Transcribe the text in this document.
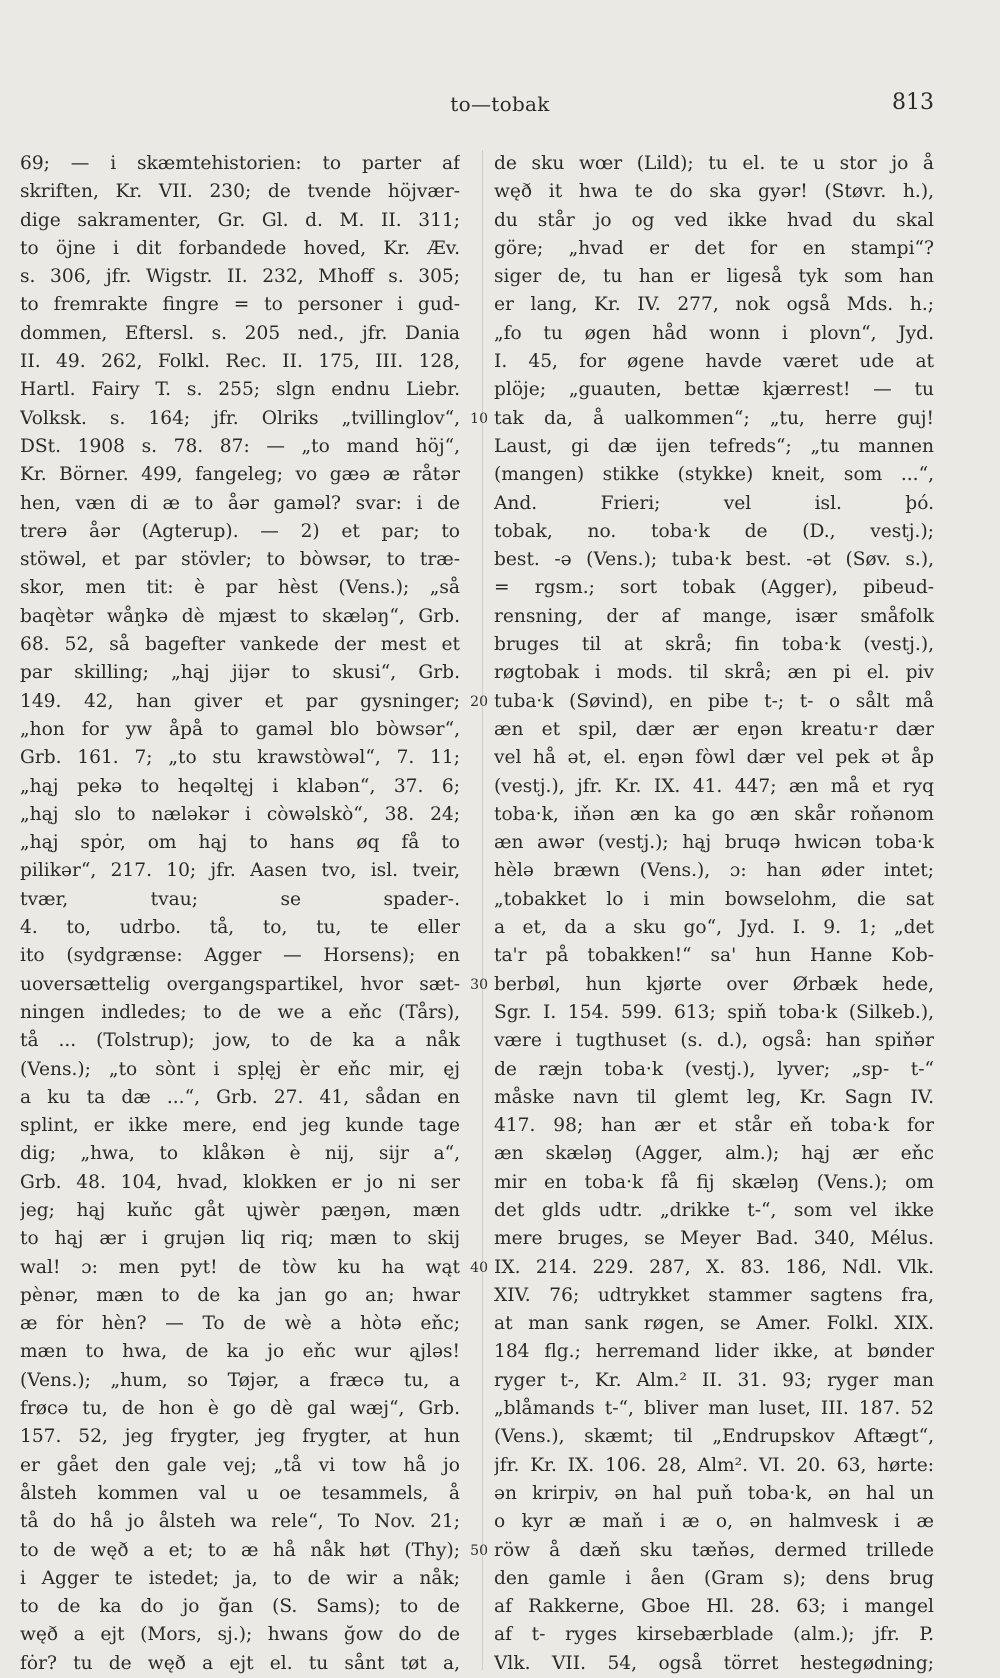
to—tobak	813
69; — i skæmtehistorien: to parter af
skriften, Kr. VII. 230; de tvende höjvær-
dige sakramenter, Gr. Gl. d. M. II. 311;
to öjne i dit forbandede hoved, Kr. Æv.
s. 306, jfr. Wigstr. II. 232, Mhoff s. 305;
to fremrakte fingre = to personer i gud-
dommen, Eftersl. s. 205 ned., jfr. Dania
II. 49. 262, Folkl. Rec. II. 175, III. 128,
Hartl. Fairy T. s. 255; slgn endnu Liebr.
Volksk. s. 164; jfr. Olriks „tvillinglov“,
DSt. 1908 s. 78. 87: — „to mand höj“,
Kr. Börner. 499, fangeleg; vo gæə æ råtər
hen, væn di æ to åər gaməl? svar: i de
trerə åər (Agterup). — 2) et par; to
stöwəl, et par stövler; to bòwsər, to træ-
skor, men tit: è par hèst (Vens.); „så
baqètər wåŋkə dè mjæst to skæləŋ“, Grb.
68. 52, så bagefter vankede der mest et
par skilling; „hąj jijər to skusi“, Grb.
149. 42, han giver et par gysninger;
„hon for yw åpå to gaməl blo bòwsər“,
Grb. 161. 7; „to stu krawstòwəl“, 7. 11;
„hąj pekə to heqəltęj i klabən“, 37. 6;
„hąj slo to næləkər i còwəlskò“, 38. 24;
„hąj spȯr, om hąj to hans øq få to
pilikər“, 217. 10; jfr. Aasen tvo, isl. tveir,
tvær, tvau; se spader-.
4. to, udrbo. tå, to, tu, te eller
ito (sydgrænse: Agger — Horsens); en
uoversættelig overgangspartikel, hvor sæt-
ningen indledes; to de we a eňc (Tårs),
tå ... (Tolstrup); jow, to de ka a nåk
(Vens.); „to sònt i spl̩ęj èr eňc mir, ęj
a ku ta dæ ...“, Grb. 27. 41, sådan en
splint, er ikke mere, end jeg kunde tage
dig; „hwa, to klåkən è nij, sijr a“,
Grb. 48. 104, hvad, klokken er jo ni ser
jeg; hąj kuňc gåt ųjwèr pæŋən, mæn
to hąj ær i grujən liq riq; mæn to skij
wal! ɔ: men pyt! de tòw ku ha wąt
pènər, mæn to de ka jan go an; hwar
æ fȯr hèn? — To de wè a hòtə eňc;
mæn to hwa, de ka jo eňc wur ąjləs!
(Vens.); „hum, so Tøjər, a fræcə tu, a
frøcə tu, de hon è go dè gal wæj“, Grb.
157. 52, jeg frygter, jeg frygter, at hun
er gået den gale vej; „tå vi tow hå jo
ålsteh kommen val u oe tesammels, å
tå do hå jo ålsteh wa rele“, To Nov. 21;
to de węð a et; to æ hå nåk høt (Thy);
i Agger te istedet; ja, to de wir a nåk;
to de ka do jo ğan (S. Sams); to de
węð a ejt (Mors, sj.); hwans ğow do de
fȯr? tu de węð a ejt el. tu sånt tøt a,
10
20
30
40
50
de sku wœr (Lild); tu el. te u stor jo å
węð it hwa te do ska gyər! (Støvr. h.),
du står jo og ved ikke hvad du skal
göre; „hvad er det for en stampi“?
siger de, tu han er ligeså tyk som han
er lang, Kr. IV. 277, nok også Mds. h.;
„fo tu øgen håd wonn i plovn“, Jyd.
I. 45, for øgene havde været ude at
plöje; „guauten, bettæ kjærrest! — tu
tak da, å ualkommen“; „tu, herre guj!
Laust, gi dæ ijen tefreds“; „tu mannen
(mangen) stikke (stykke) kneit, som ...“,
And. Frieri; vel isl. þó.
tobak, no. toba·k de (D., vestj.);
best. -ə (Vens.); tuba·k best. -ət (Søv. s.),
= rgsm.; sort tobak (Agger), pibeud-
rensning, der af mange, især småfolk
bruges til at skrå; fin toba·k (vestj.),
røgtobak i mods. til skrå; æn pi el. piv
tuba·k (Søvind), en pibe t-; t- o sålt må
æn et spil, dær ær eŋən kreatu·r dær
vel hå ət, el. eŋən fòwl dær vel pek ət åp
(vestj.), jfr. Kr. IX. 41. 447; æn må et ryq
toba·k, iňən æn ka go æn skår roňənom
æn awər (vestj.); hąj bruqə hwicən toba·k
hèlə bræwn (Vens.), ɔ: han øder intet;
„tobakket lo i min bowselohm, die sat
a et, da a sku go“, Jyd. I. 9. 1; „det
ta'r på tobakken!“ sa' hun Hanne Kob-
berbøl, hun kjørte over Ørbæk hede,
Sgr. I. 154. 599. 613; spiň toba·k (Silkeb.),
være i tugthuset (s. d.), også: han spiňər
de ræjn toba·k (vestj.), lyver; „sp- t-“
måske navn til glemt leg, Kr. Sagn IV.
417. 98; han ær et står eň toba·k for
æn skæləŋ (Agger, alm.); hąj ær eňc
mir en toba·k få fij skæləŋ (Vens.); om
det glds udtr. „drikke t-“, som vel ikke
mere bruges, se Meyer Bad. 340, Mélus.
IX. 214. 229. 287, X. 83. 186, Ndl. Vlk.
XIV. 76; udtrykket stammer sagtens fra,
at man sank røgen, se Amer. Folkl. XIX.
184 flg.; herremand lider ikke, at bønder
ryger t-, Kr. Alm.² II. 31. 93; ryger man
„blåmands t-“, bliver man luset, III. 187. 52
(Vens.), skæmt; til „Endrupskov Aftægt“,
jfr. Kr. IX. 106. 28, Alm². VI. 20. 63, hørte:
ən krirpiv, ən hal puň toba·k, ən hal un
o kyr æ maň i æ o, ən halmvesk i æ
röw å dæň sku tæňəs, dermed trillede
den gamle i åen (Gram s); dens brug
af Rakkerne, Gboe Hl. 28. 63; i mangel
af t- ryges kirsebærblade (alm.); jfr. P.
Vlk. VII. 54, også törret hestegødning;
